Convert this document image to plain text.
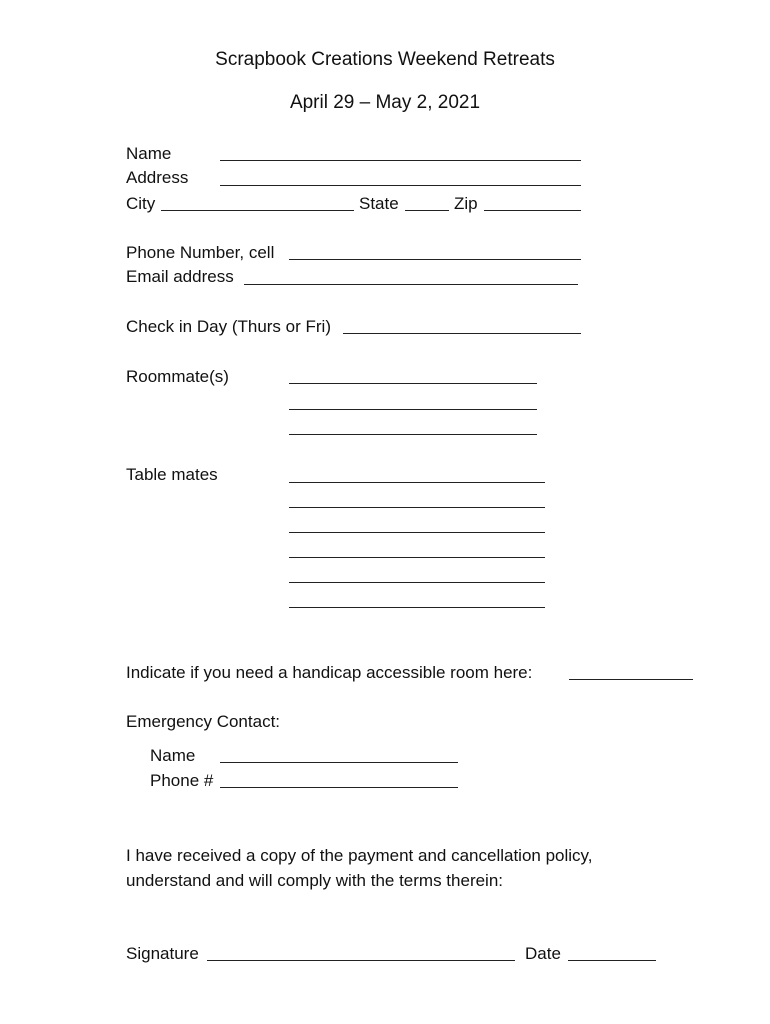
Scrapbook Creations Weekend Retreats
April 29 – May 2, 2021
Name
Address
City	State	Zip
Phone Number, cell
Email address
Check in Day (Thurs or Fri)
Roommate(s)
Table mates
Indicate if you need a handicap accessible room here:
Emergency Contact:
Name
Phone #
I have received a copy of the payment and cancellation policy,
understand and will comply with the terms therein:
Signature	Date
